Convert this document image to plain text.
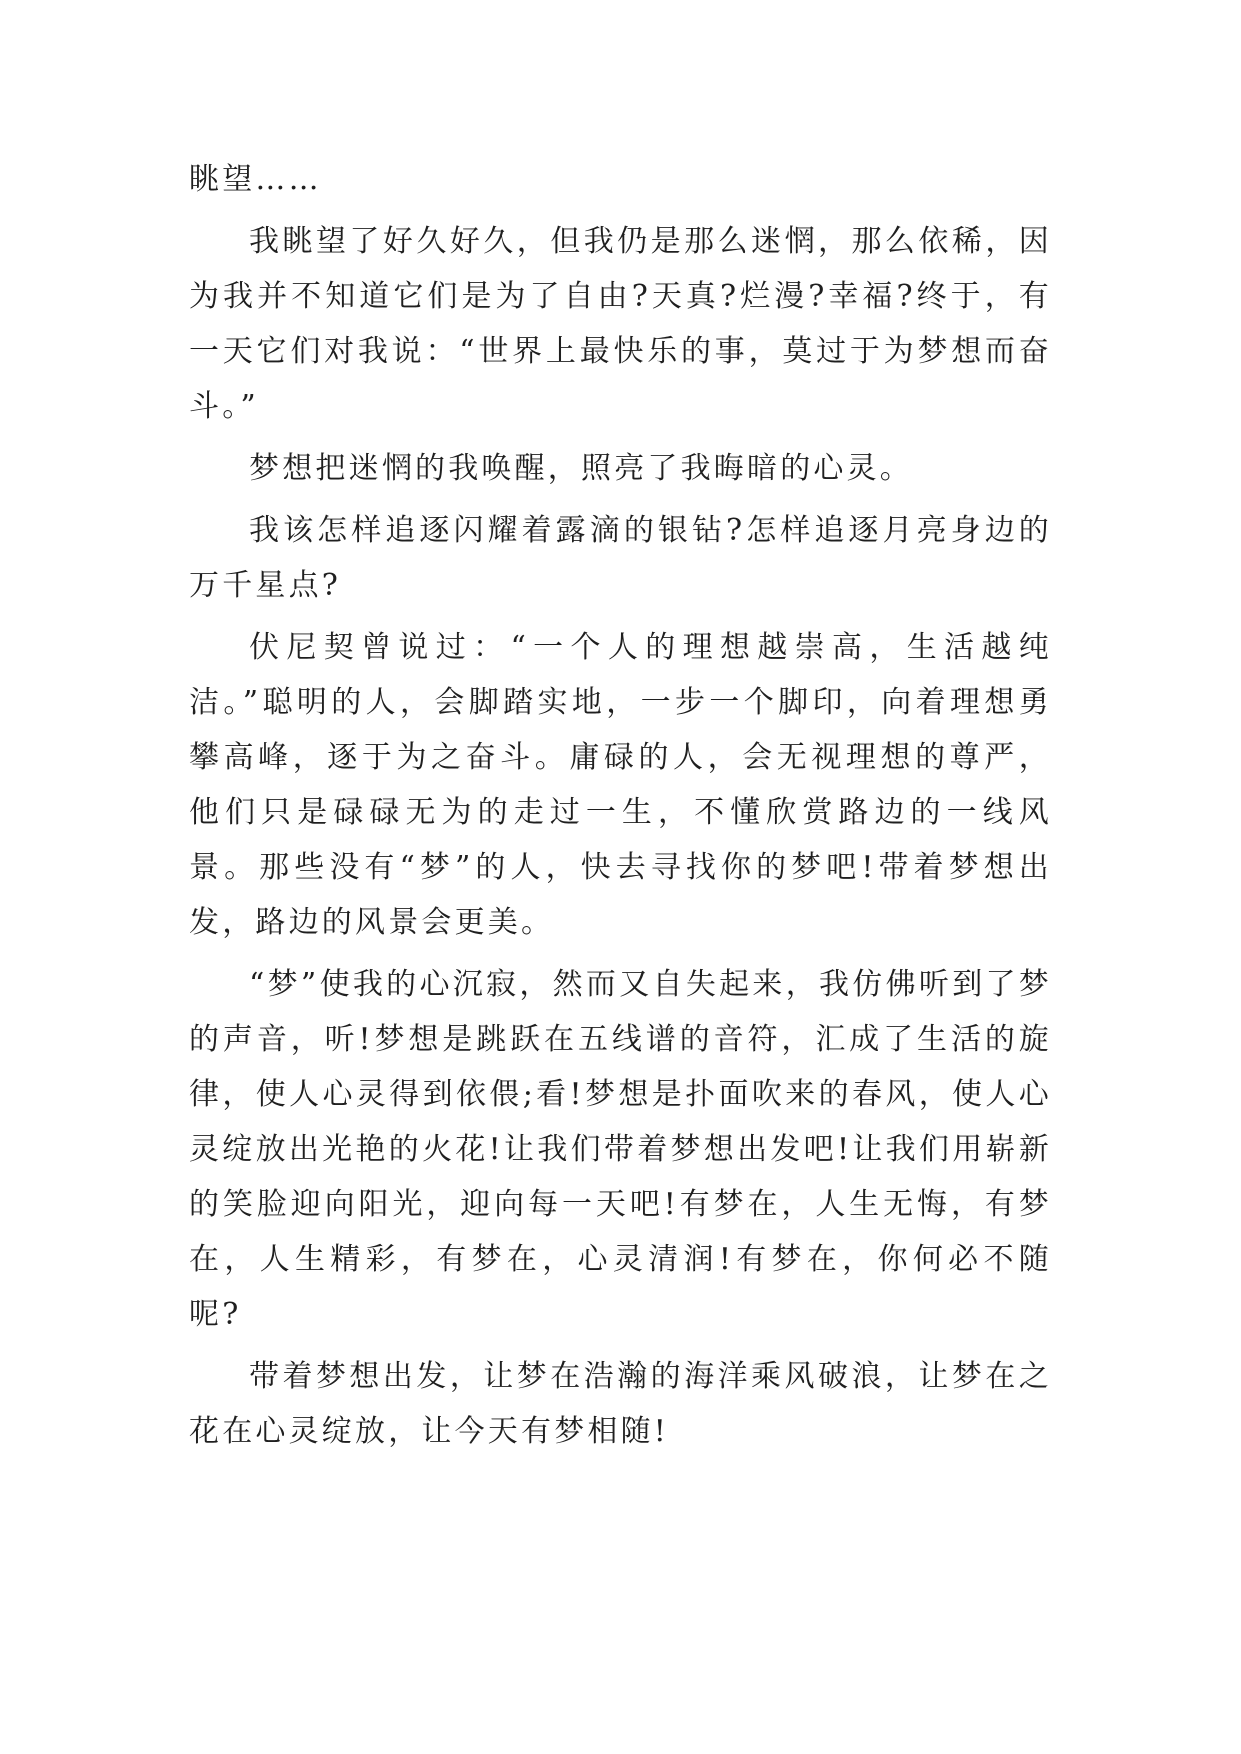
眺望……

我眺望了好久好久，但我仍是那么迷惘，那么依稀，因为我并不知道它们是为了自由?天真?烂漫?幸福?终于，有一天它们对我说：“世界上最快乐的事，莫过于为梦想而奋斗。”

梦想把迷惘的我唤醒，照亮了我晦暗的心灵。

我该怎样追逐闪耀着露滴的银钻?怎样追逐月亮身边的万千星点?

伏尼契曾说过：“一个人的理想越崇高，生活越纯洁。”聪明的人，会脚踏实地，一步一个脚印，向着理想勇攀高峰，逐于为之奋斗。庸碌的人，会无视理想的尊严，他们只是碌碌无为的走过一生，不懂欣赏路边的一线风景。那些没有“梦”的人，快去寻找你的梦吧!带着梦想出发，路边的风景会更美。

“梦”使我的心沉寂，然而又自失起来，我仿佛听到了梦的声音，听!梦想是跳跃在五线谱的音符，汇成了生活的旋律，使人心灵得到依偎;看!梦想是扑面吹来的春风，使人心灵绽放出光艳的火花!让我们带着梦想出发吧!让我们用崭新的笑脸迎向阳光，迎向每一天吧!有梦在，人生无悔，有梦在，人生精彩，有梦在，心灵清润!有梦在，你何必不随呢?

带着梦想出发，让梦在浩瀚的海洋乘风破浪，让梦在之花在心灵绽放，让今天有梦相随!
